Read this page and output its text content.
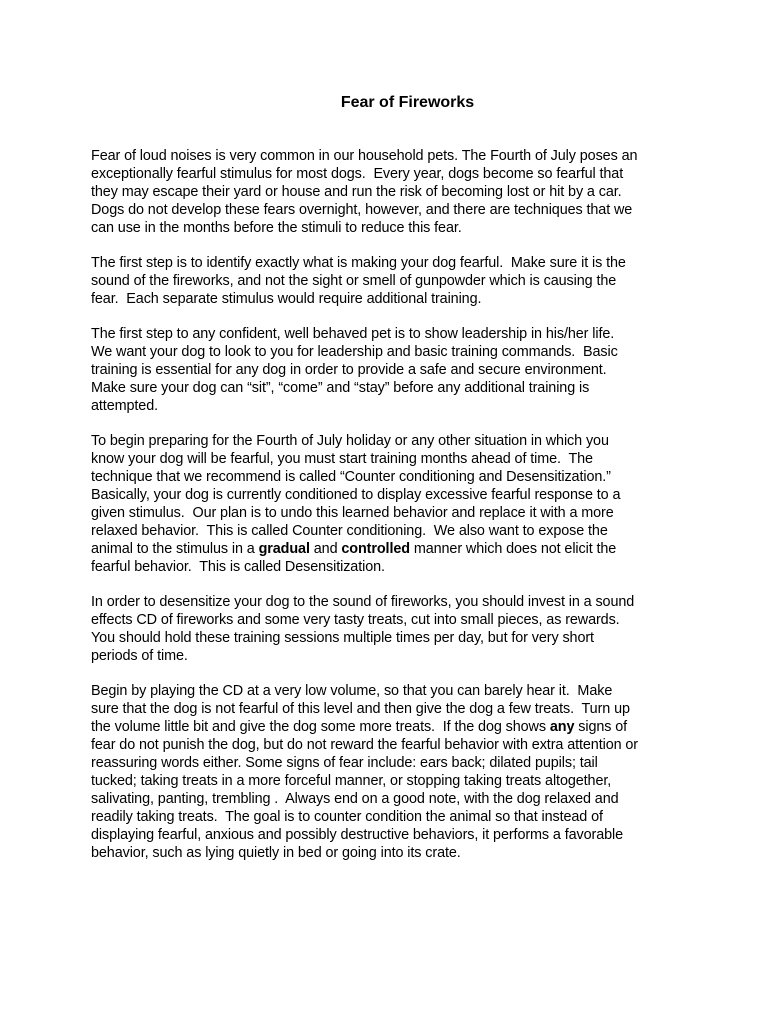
Fear of Fireworks

Fear of loud noises is very common in our household pets. The Fourth of July poses an
exceptionally fearful stimulus for most dogs.  Every year, dogs become so fearful that
they may escape their yard or house and run the risk of becoming lost or hit by a car.
Dogs do not develop these fears overnight, however, and there are techniques that we
can use in the months before the stimuli to reduce this fear.

The first step is to identify exactly what is making your dog fearful.  Make sure it is the
sound of the fireworks, and not the sight or smell of gunpowder which is causing the
fear.  Each separate stimulus would require additional training.

The first step to any confident, well behaved pet is to show leadership in his/her life.
We want your dog to look to you for leadership and basic training commands.  Basic
training is essential for any dog in order to provide a safe and secure environment.
Make sure your dog can “sit”, “come” and “stay” before any additional training is
attempted.

To begin preparing for the Fourth of July holiday or any other situation in which you
know your dog will be fearful, you must start training months ahead of time.  The
technique that we recommend is called “Counter conditioning and Desensitization.”
Basically, your dog is currently conditioned to display excessive fearful response to a
given stimulus.  Our plan is to undo this learned behavior and replace it with a more
relaxed behavior.  This is called Counter conditioning.  We also want to expose the
animal to the stimulus in a gradual and controlled manner which does not elicit the
fearful behavior.  This is called Desensitization.

In order to desensitize your dog to the sound of fireworks, you should invest in a sound
effects CD of fireworks and some very tasty treats, cut into small pieces, as rewards.
You should hold these training sessions multiple times per day, but for very short
periods of time.

Begin by playing the CD at a very low volume, so that you can barely hear it.  Make
sure that the dog is not fearful of this level and then give the dog a few treats.  Turn up
the volume little bit and give the dog some more treats.  If the dog shows any signs of
fear do not punish the dog, but do not reward the fearful behavior with extra attention or
reassuring words either. Some signs of fear include: ears back; dilated pupils; tail
tucked; taking treats in a more forceful manner, or stopping taking treats altogether,
salivating, panting, trembling .  Always end on a good note, with the dog relaxed and
readily taking treats.  The goal is to counter condition the animal so that instead of
displaying fearful, anxious and possibly destructive behaviors, it performs a favorable
behavior, such as lying quietly in bed or going into its crate.
